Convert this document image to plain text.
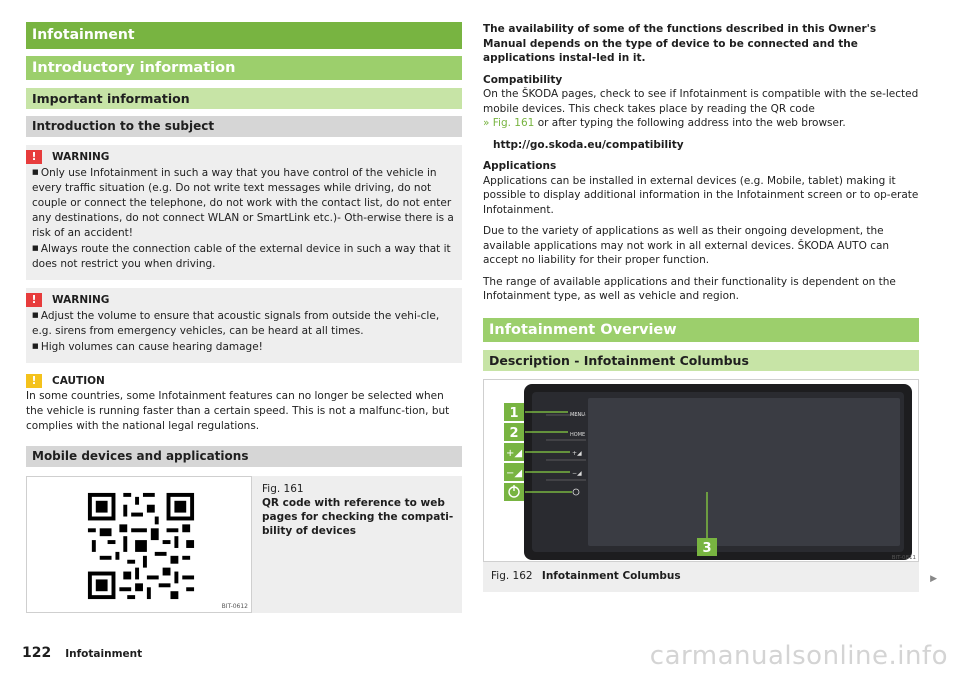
Infotainment
Introductory information
Important information
Introduction to the subject
!	WARNING

■ Only use Infotainment in such a way that you have control of the vehicle in every traffic situation (e.g. Do not write text messages while driving, do not couple or connect the telephone, do not work with the contact list, do not enter any destinations, do not connect WLAN or SmartLink etc.)- Oth-erwise there is a risk of an accident!

■ Always route the connection cable of the external device in such a way that it does not restrict you when driving.

!	WARNING

■ Adjust the volume to ensure that acoustic signals from outside the vehi-cle, e.g. sirens from emergency vehicles, can be heard at all times.

■ High volumes can cause hearing damage!

!	CAUTION

In some countries, some Infotainment features can no longer be selected when the vehicle is running faster than a certain speed. This is not a malfunc-tion, but complies with the national legal regulations.

Mobile devices and applications
BIT-0612
Fig. 161
QR code with reference to web pages for checking the compati-bility of devices

The availability of some of the functions described in this Owner's Manual depends on the type of device to be connected and the applications instal-led in it.

Compatibility
On the ŠKODA pages, check to see if Infotainment is compatible with the se-lected mobile devices. This check takes place by reading the QR code
» Fig. 161 or after typing the following address into the web browser.

http://go.skoda.eu/compatibility

Applications
Applications can be installed in external devices (e.g. Mobile, tablet) making it possible to display additional information in the Infotainment screen or to op-erate Infotainment.

Due to the variety of applications as well as their ongoing development, the available applications may not work in all external devices. ŠKODA AUTO can accept no liability for their proper function.

The range of available applications and their functionality is dependent on the Infotainment type, as well as vehicle and region.

Infotainment Overview
Description - Infotainment Columbus
MENU
HOME
+◢
−◢
1
2
+◢
−◢
3
BIT-0811
Fig. 162 Infotainment Columbus	▶
122 Infotainment	carmanualsonline.info
